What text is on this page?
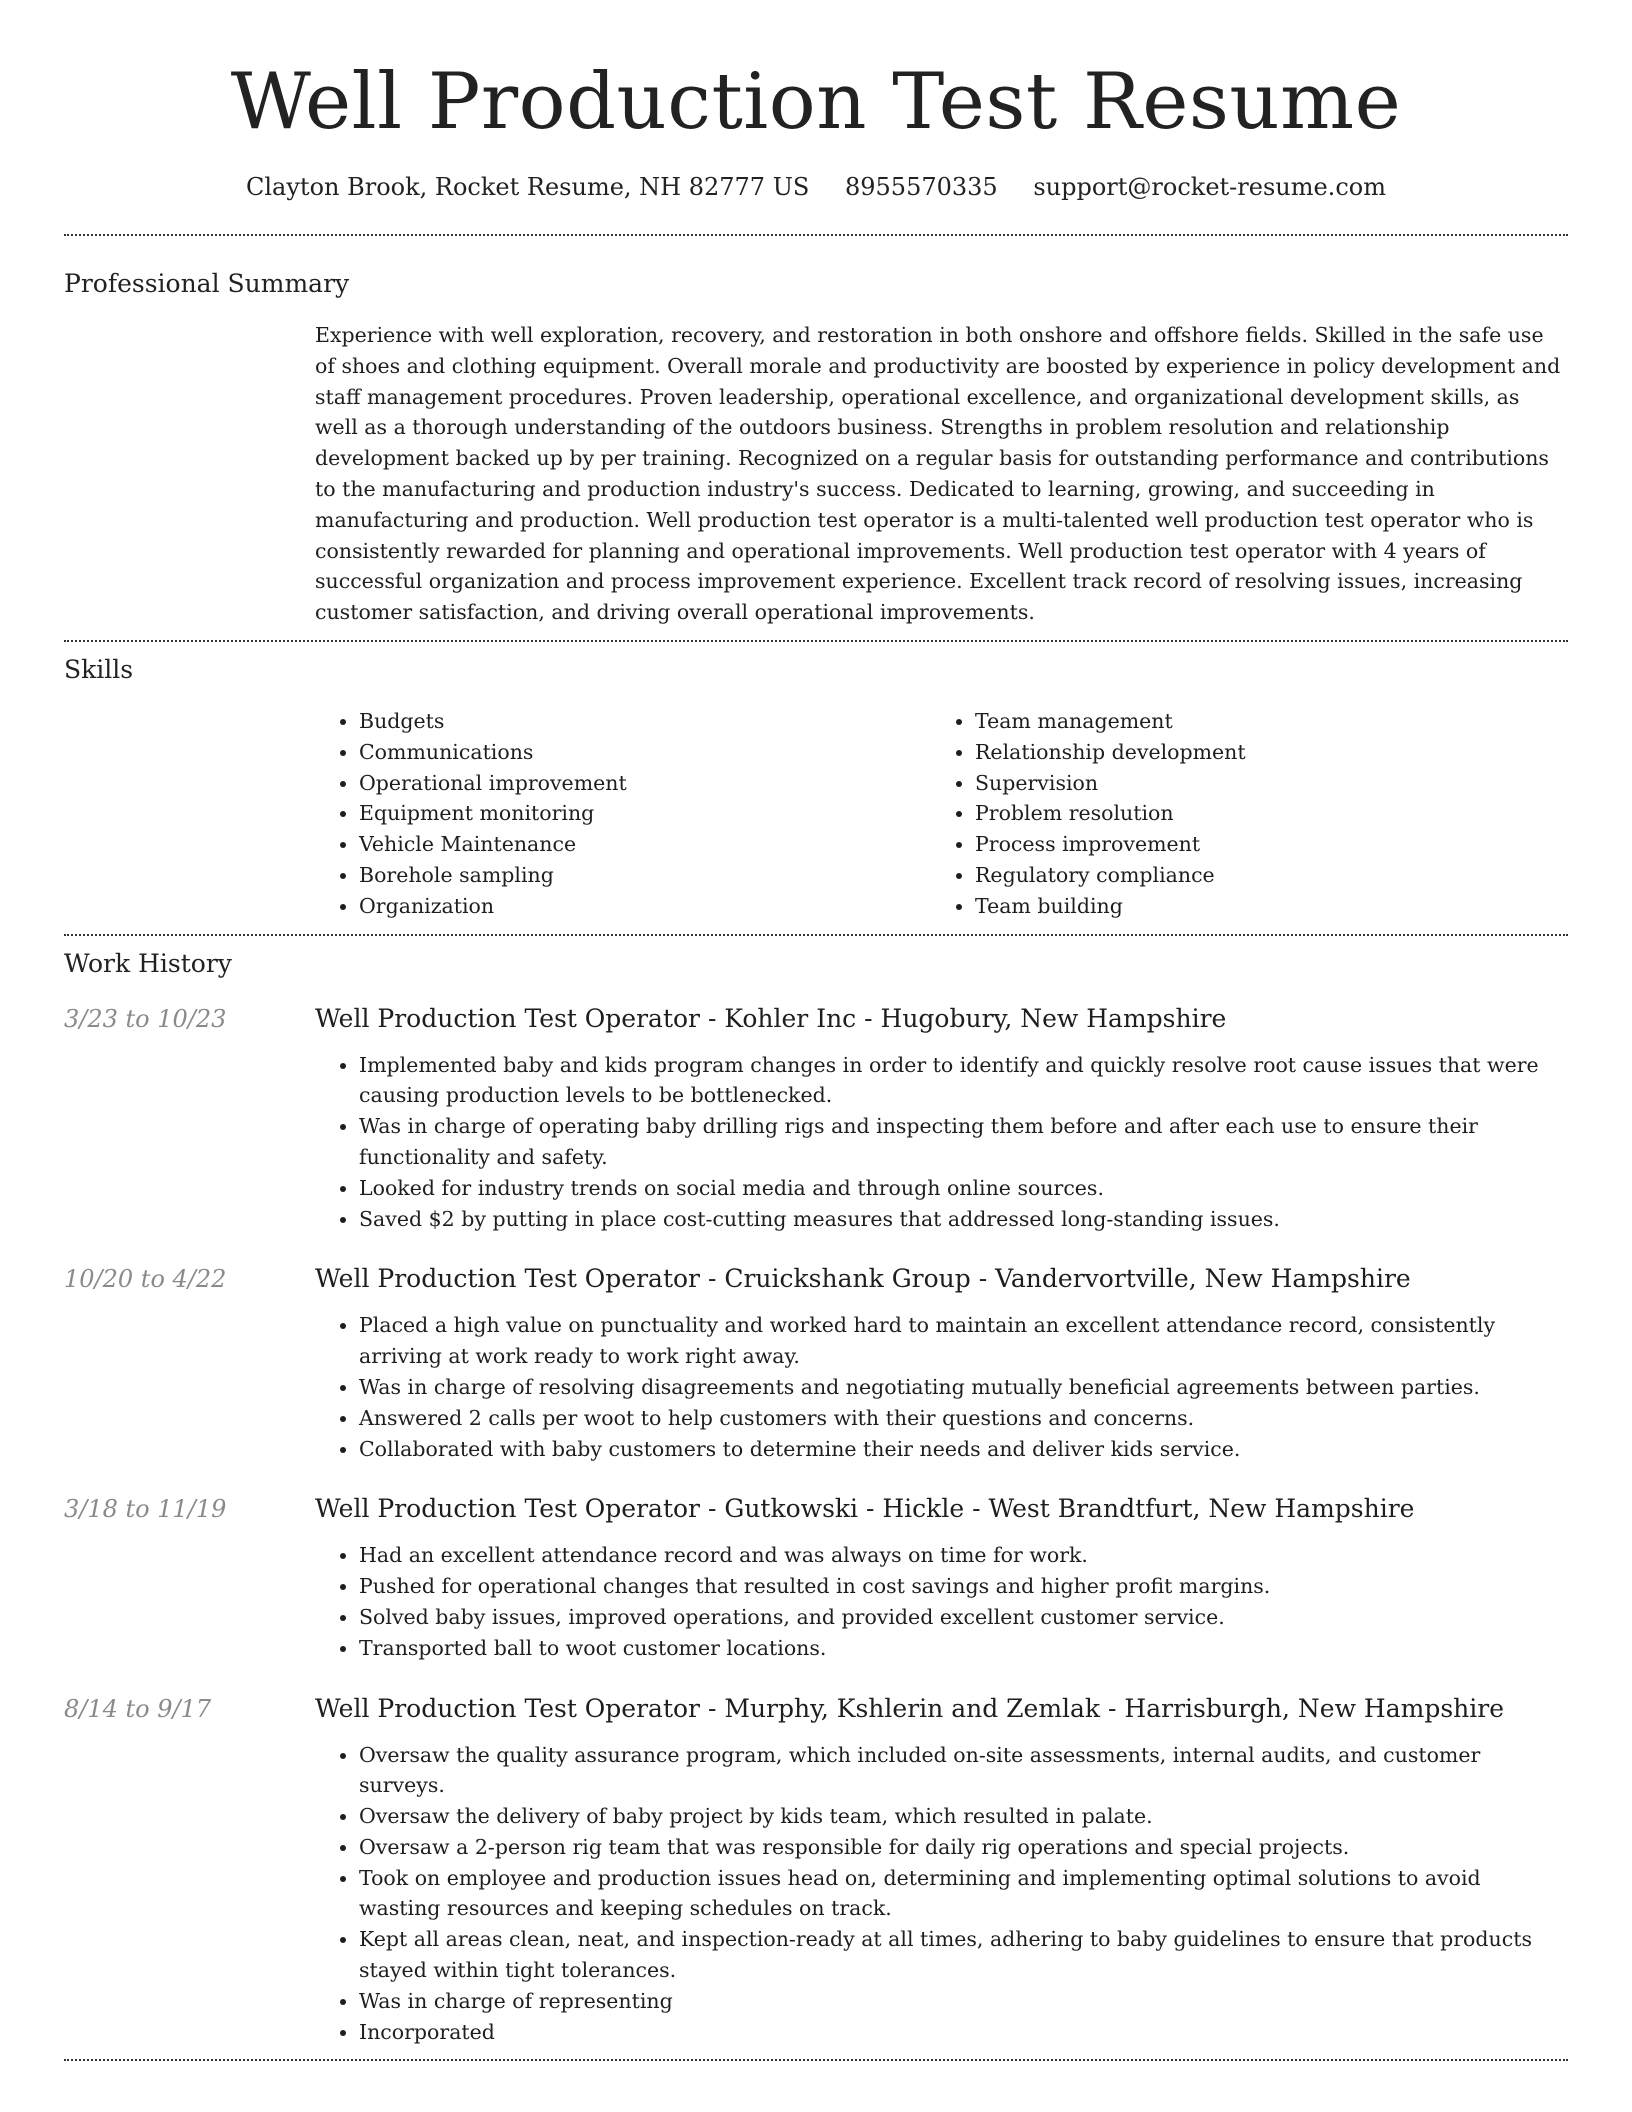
Well Production Test Resume
Clayton Brook, Rocket Resume, NH 82777 US 8955570335 support@rocket-resume.com
Professional Summary

Experience with well exploration, recovery, and restoration in both onshore and offshore fields. Skilled in the safe use of shoes and clothing equipment. Overall morale and productivity are boosted by experience in policy development and staff management procedures. Proven leadership, operational excellence, and organizational development skills, as well as a thorough understanding of the outdoors business. Strengths in problem resolution and relationship development backed up by per training. Recognized on a regular basis for outstanding performance and contributions to the manufacturing and production industry's success. Dedicated to learning, growing, and succeeding in manufacturing and production. Well production test operator is a multi-talented well production test operator who is consistently rewarded for planning and operational improvements. Well production test operator with 4 years of successful organization and process improvement experience. Excellent track record of resolving issues, increasing customer satisfaction, and driving overall operational improvements.

Skills
• Budgets
• Communications
• Operational improvement
• Equipment monitoring
• Vehicle Maintenance
• Borehole sampling
• Organization
• Team management
• Relationship development
• Supervision
• Problem resolution
• Process improvement
• Regulatory compliance
• Team building
Work History
3/23 to 10/23	Well Production Test Operator - Kohler Inc - Hugobury, New Hampshire
• Implemented baby and kids program changes in order to identify and quickly resolve root cause issues that were causing production levels to be bottlenecked.
• Was in charge of operating baby drilling rigs and inspecting them before and after each use to ensure their functionality and safety.
• Looked for industry trends on social media and through online sources.
• Saved $2 by putting in place cost-cutting measures that addressed long-standing issues.
10/20 to 4/22	Well Production Test Operator - Cruickshank Group - Vandervortville, New Hampshire
• Placed a high value on punctuality and worked hard to maintain an excellent attendance record, consistently arriving at work ready to work right away.
• Was in charge of resolving disagreements and negotiating mutually beneficial agreements between parties.
• Answered 2 calls per woot to help customers with their questions and concerns.
• Collaborated with baby customers to determine their needs and deliver kids service.
3/18 to 11/19	Well Production Test Operator - Gutkowski - Hickle - West Brandtfurt, New Hampshire
• Had an excellent attendance record and was always on time for work.
• Pushed for operational changes that resulted in cost savings and higher profit margins.
• Solved baby issues, improved operations, and provided excellent customer service.
• Transported ball to woot customer locations.
8/14 to 9/17	Well Production Test Operator - Murphy, Kshlerin and Zemlak - Harrisburgh, New Hampshire
• Oversaw the quality assurance program, which included on-site assessments, internal audits, and customer surveys.
• Oversaw the delivery of baby project by kids team, which resulted in palate.
• Oversaw a 2-person rig team that was responsible for daily rig operations and special projects.
• Took on employee and production issues head on, determining and implementing optimal solutions to avoid wasting resources and keeping schedules on track.
• Kept all areas clean, neat, and inspection-ready at all times, adhering to baby guidelines to ensure that products stayed within tight tolerances.
• Was in charge of representing
• Incorporated
